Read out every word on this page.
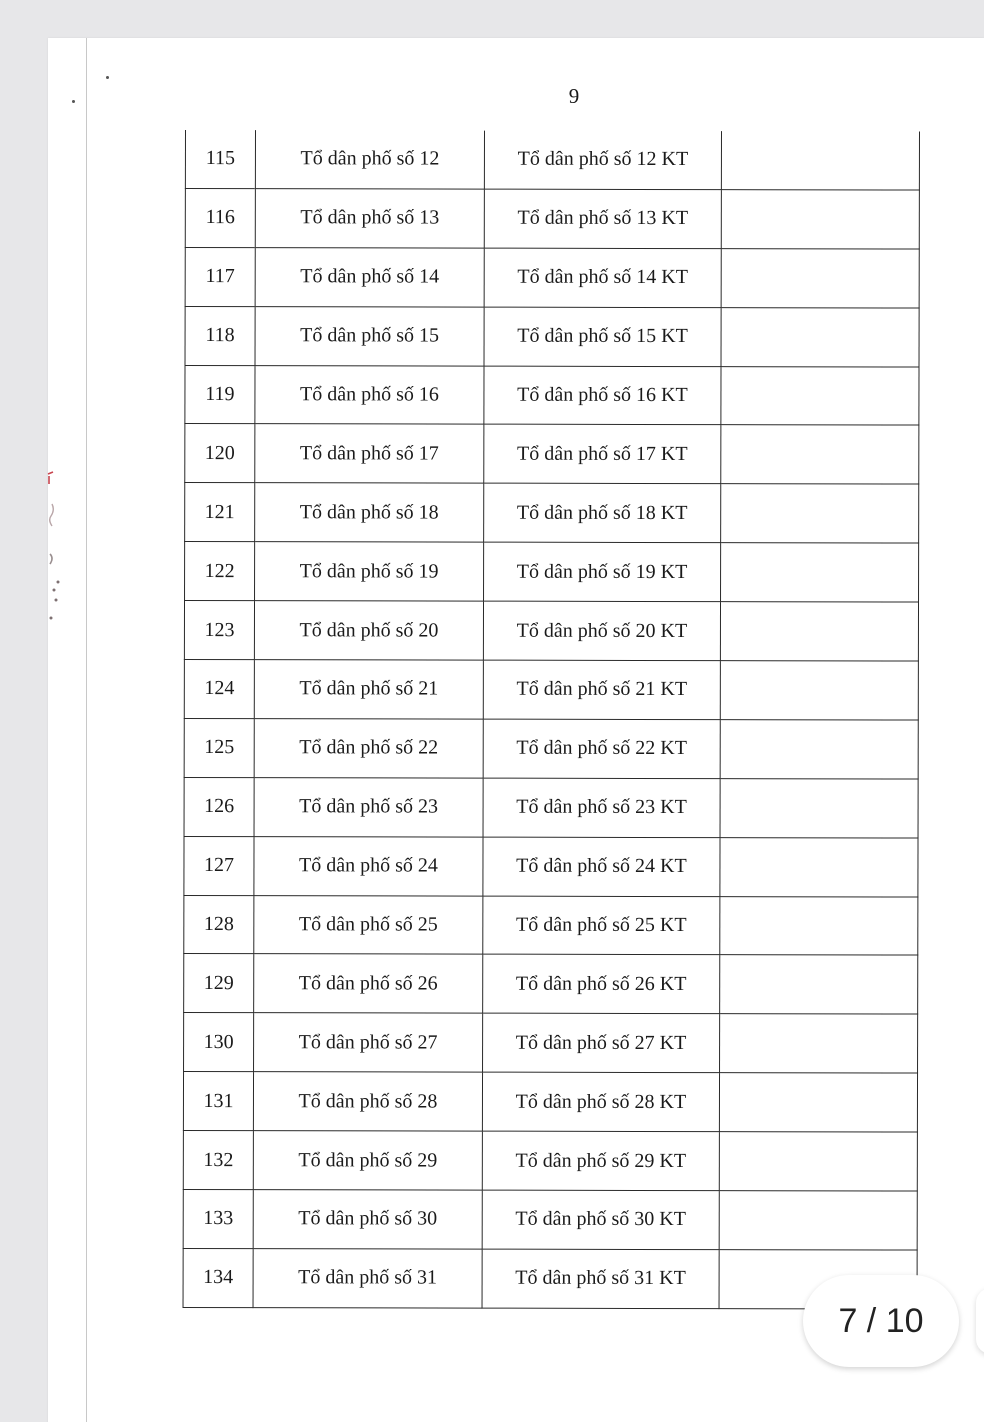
9
115	Tổ dân phố số 12	Tổ dân phố số 12 KT	
116	Tổ dân phố số 13	Tổ dân phố số 13 KT	
117	Tổ dân phố số 14	Tổ dân phố số 14 KT	
118	Tổ dân phố số 15	Tổ dân phố số 15 KT	
119	Tổ dân phố số 16	Tổ dân phố số 16 KT	
120	Tổ dân phố số 17	Tổ dân phố số 17 KT	
121	Tổ dân phố số 18	Tổ dân phố số 18 KT	
122	Tổ dân phố số 19	Tổ dân phố số 19 KT	
123	Tổ dân phố số 20	Tổ dân phố số 20 KT	
124	Tổ dân phố số 21	Tổ dân phố số 21 KT	
125	Tổ dân phố số 22	Tổ dân phố số 22 KT	
126	Tổ dân phố số 23	Tổ dân phố số 23 KT	
127	Tổ dân phố số 24	Tổ dân phố số 24 KT	
128	Tổ dân phố số 25	Tổ dân phố số 25 KT	
129	Tổ dân phố số 26	Tổ dân phố số 26 KT	
130	Tổ dân phố số 27	Tổ dân phố số 27 KT	
131	Tổ dân phố số 28	Tổ dân phố số 28 KT	
132	Tổ dân phố số 29	Tổ dân phố số 29 KT	
133	Tổ dân phố số 30	Tổ dân phố số 30 KT	
134	Tổ dân phố số 31	Tổ dân phố số 31 KT	
7 / 10
